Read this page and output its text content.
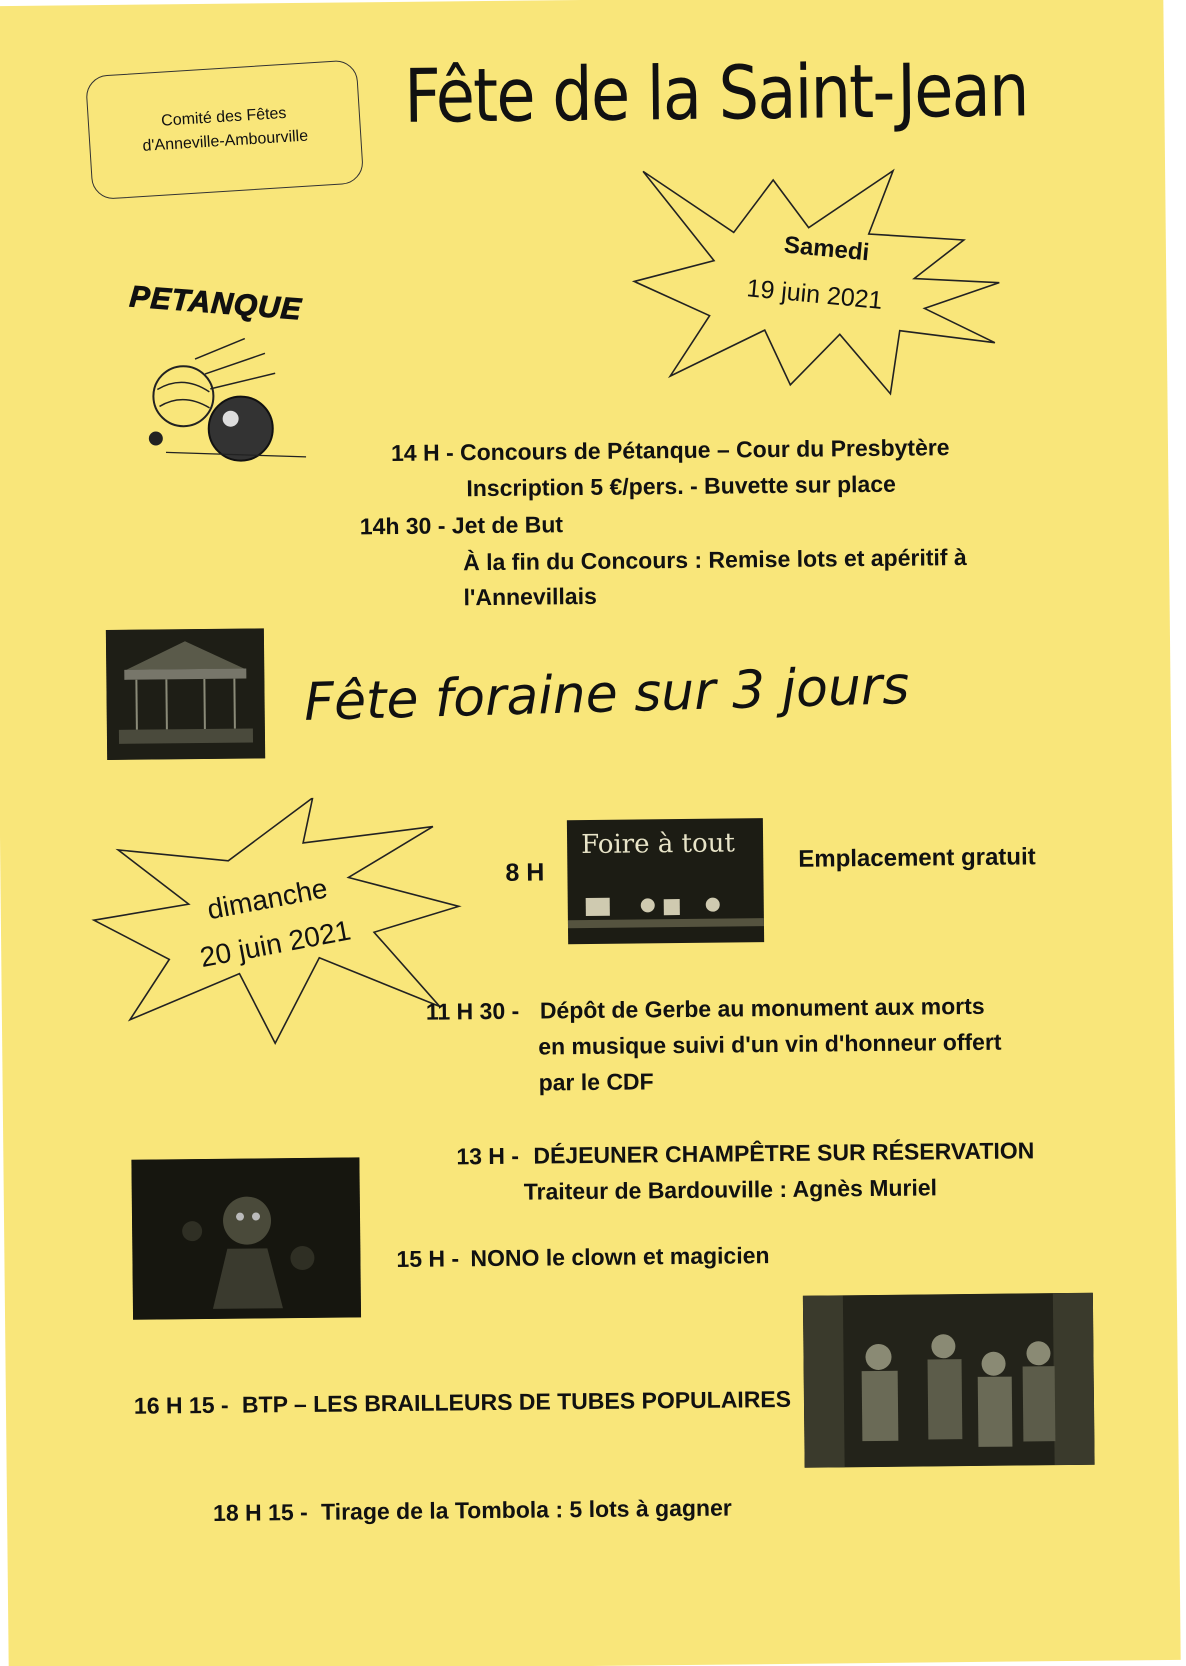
Comité des Fêtes
d'Anneville-Ambourville
Fête de la Saint-Jean
Samedi
19 juin 2021
PETANQUE
14 H - Concours de Pétanque – Cour du Presbytère
Inscription 5 €/pers. - Buvette sur place
14h 30 - Jet de But
À la fin du Concours : Remise lots et apéritif à
l'Annevillais
Fête foraine sur 3 jours
dimanche
20 juin 2021
8 H
Foire à tout	Emplacement gratuit
11 H 30 - Dépôt de Gerbe au monument aux morts
en musique suivi d'un vin d'honneur offert
par le CDF
13 H - DÉJEUNER CHAMPÊTRE SUR RÉSERVATION
Traiteur de Bardouville : Agnès Muriel
15 H - NONO le clown et magicien
16 H 15 - BTP – LES BRAILLEURS DE TUBES POPULAIRES
18 H 15 - Tirage de la Tombola : 5 lots à gagner
